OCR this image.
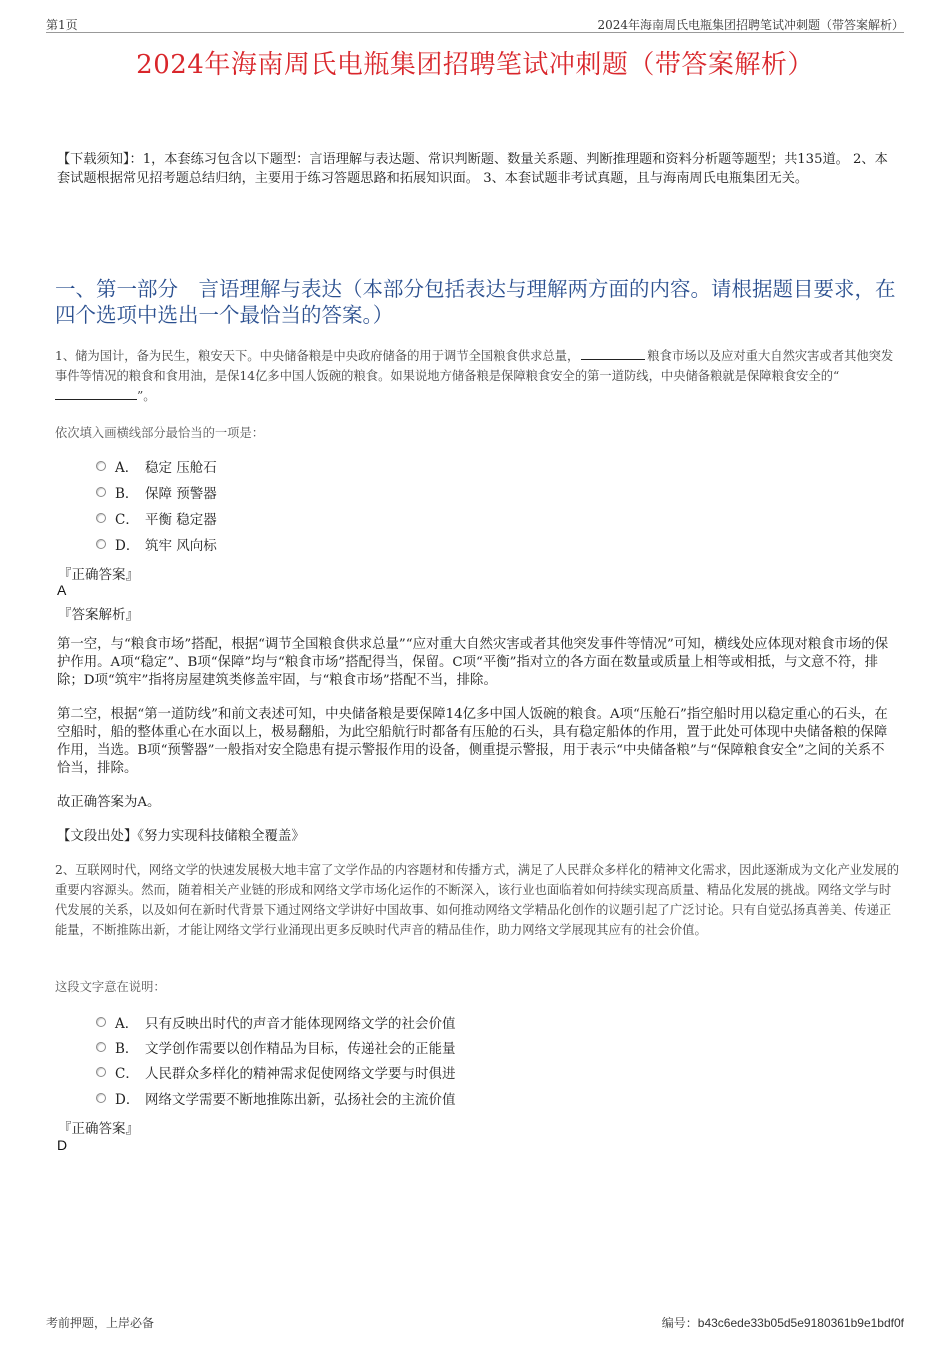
第1页	2024年海南周氏电瓶集团招聘笔试冲刺题（带答案解析）
2024年海南周氏电瓶集团招聘笔试冲刺题（带答案解析）
【下载须知】：1，本套练习包含以下题型：言语理解与表达题、常识判断题、数量关系题、判断推理题和资料分析题等题型；共135道。 2、本套试题根据常见招考题总结归纳，主要用于练习答题思路和拓展知识面。 3、本套试题非考试真题，且与海南周氏电瓶集团无关。
一、第一部分　言语理解与表达（本部分包括表达与理解两方面的内容。请根据题目要求，在四个选项中选出一个最恰当的答案。）
1、储为国计，备为民生，粮安天下。中央储备粮是中央政府储备的用于调节全国粮食供求总量，	粮食市场以及应对重大自然灾害或者其他突发事件等情况的粮食和食用油，是保14亿多中国人饭碗的粮食。如果说地方储备粮是保障粮食安全的第一道防线，中央储备粮就是保障粮食安全的“”。
依次填入画横线部分最恰当的一项是：
A． 稳定 压舱石
B． 保障 预警器
C． 平衡 稳定器
D． 筑牢 风向标
『正确答案』
A
『答案解析』
第一空，与“粮食市场”搭配，根据“调节全国粮食供求总量”“应对重大自然灾害或者其他突发事件等情况”可知，横线处应体现对粮食市场的保护作用。A项“稳定”、B项“保障”均与“粮食市场”搭配得当，保留。C项“平衡”指对立的各方面在数量或质量上相等或相抵，与文意不符，排除；D项“筑牢”指将房屋建筑类修盖牢固，与“粮食市场”搭配不当，排除。
第二空，根据“第一道防线”和前文表述可知，中央储备粮是要保障14亿多中国人饭碗的粮食。A项“压舱石”指空船时用以稳定重心的石头，在空船时，船的整体重心在水面以上，极易翻船，为此空船航行时都备有压舱的石头，具有稳定船体的作用，置于此处可体现中央储备粮的保障作用，当选。B项“预警器”一般指对安全隐患有提示警报作用的设备，侧重提示警报，用于表示“中央储备粮”与“保障粮食安全”之间的关系不恰当，排除。
故正确答案为A。
【文段出处】《努力实现科技储粮全覆盖》
2、互联网时代，网络文学的快速发展极大地丰富了文学作品的内容题材和传播方式，满足了人民群众多样化的精神文化需求，因此逐渐成为文化产业发展的重要内容源头。然而，随着相关产业链的形成和网络文学市场化运作的不断深入，该行业也面临着如何持续实现高质量、精品化发展的挑战。网络文学与时代发展的关系，以及如何在新时代背景下通过网络文学讲好中国故事、如何推动网络文学精品化创作的议题引起了广泛讨论。只有自觉弘扬真善美、传递正能量，不断推陈出新，才能让网络文学行业涌现出更多反映时代声音的精品佳作，助力网络文学展现其应有的社会价值。
这段文字意在说明：
A． 只有反映出时代的声音才能体现网络文学的社会价值
B． 文学创作需要以创作精品为目标，传递社会的正能量
C． 人民群众多样化的精神需求促使网络文学要与时俱进
D． 网络文学需要不断地推陈出新，弘扬社会的主流价值
『正确答案』
D
考前押题，上岸必备	编号：b43c6ede33b05d5e9180361b9e1bdf0f
